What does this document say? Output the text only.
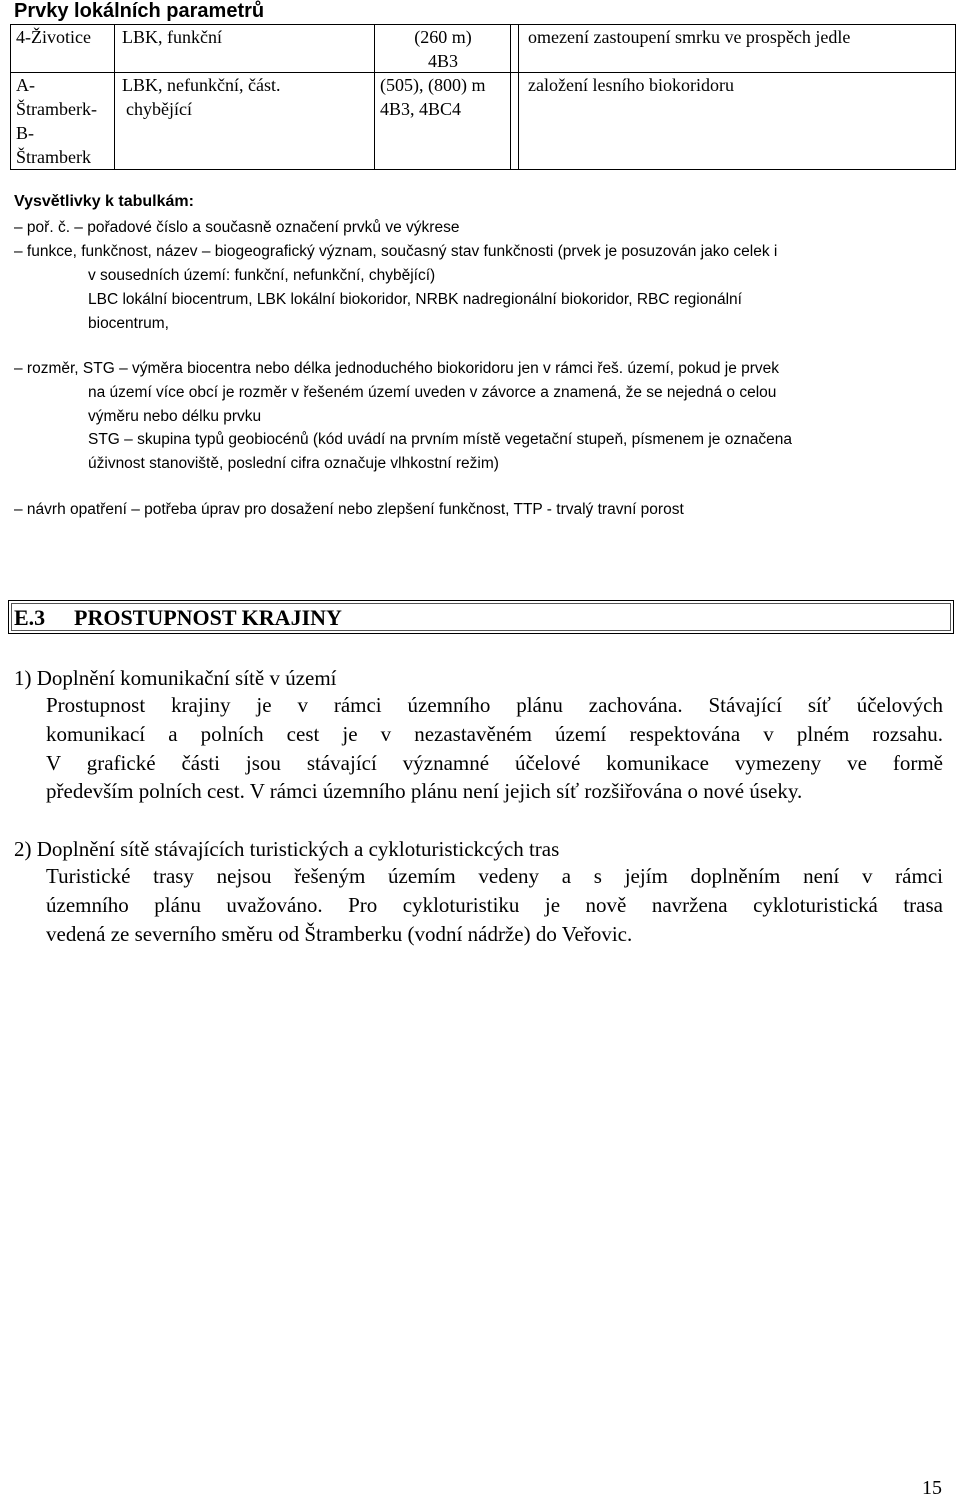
Prvky lokálních parametrů
4-Životice LBK, funkční	(260 m)
4B3
omezení zastoupení smrku ve prospěch jedle
A-
Štramberk-
B-
Štramberk
LBK, nefunkční, část.
chybějící
(505), (800) m
4B3, 4BC4
založení lesního biokoridoru
Vysvětlivky k tabulkám:
– poř. č. – pořadové číslo a současně označení prvků ve výkrese
– funkce, funkčnost, název – biogeografický význam, současný stav funkčnosti (prvek je posuzován jako celek i
v sousedních území: funkční, nefunkční, chybějící)
LBC lokální biocentrum, LBK lokální biokoridor, NRBK nadregionální biokoridor, RBC regionální
biocentrum,
– rozměr, STG – výměra biocentra nebo délka jednoduchého biokoridoru jen v rámci řeš. území, pokud je prvek
na území více obcí je rozměr v řešeném území uveden v závorce a znamená, že se nejedná o celou
výměru nebo délku prvku
STG – skupina typů geobiocénů (kód uvádí na prvním místě vegetační stupeň, písmenem je označena
úživnost stanoviště, poslední cifra označuje vlhkostní režim)
– návrh opatření – potřeba úprav pro dosažení nebo zlepšení funkčnost, TTP - trvalý travní porost
E.3 PROSTUPNOST KRAJINY
1) Doplnění komunikační sítě v území
Prostupnost krajiny je v rámci územního plánu zachována. Stávající síť účelových
komunikací a polních cest je v nezastavěném území respektována v plném rozsahu.
V grafické části jsou stávající významné účelové komunikace vymezeny ve formě
především polních cest. V rámci územního plánu není jejich síť rozšiřována o nové úseky.
2) Doplnění sítě stávajících turistických a cykloturistickcých tras
Turistické trasy nejsou řešeným územím vedeny a s jejím doplněním není v rámci
územního plánu uvažováno. Pro cykloturistiku je nově navržena cykloturistická trasa
vedená ze severního směru od Štramberku (vodní nádrže) do Veřovic.
15
